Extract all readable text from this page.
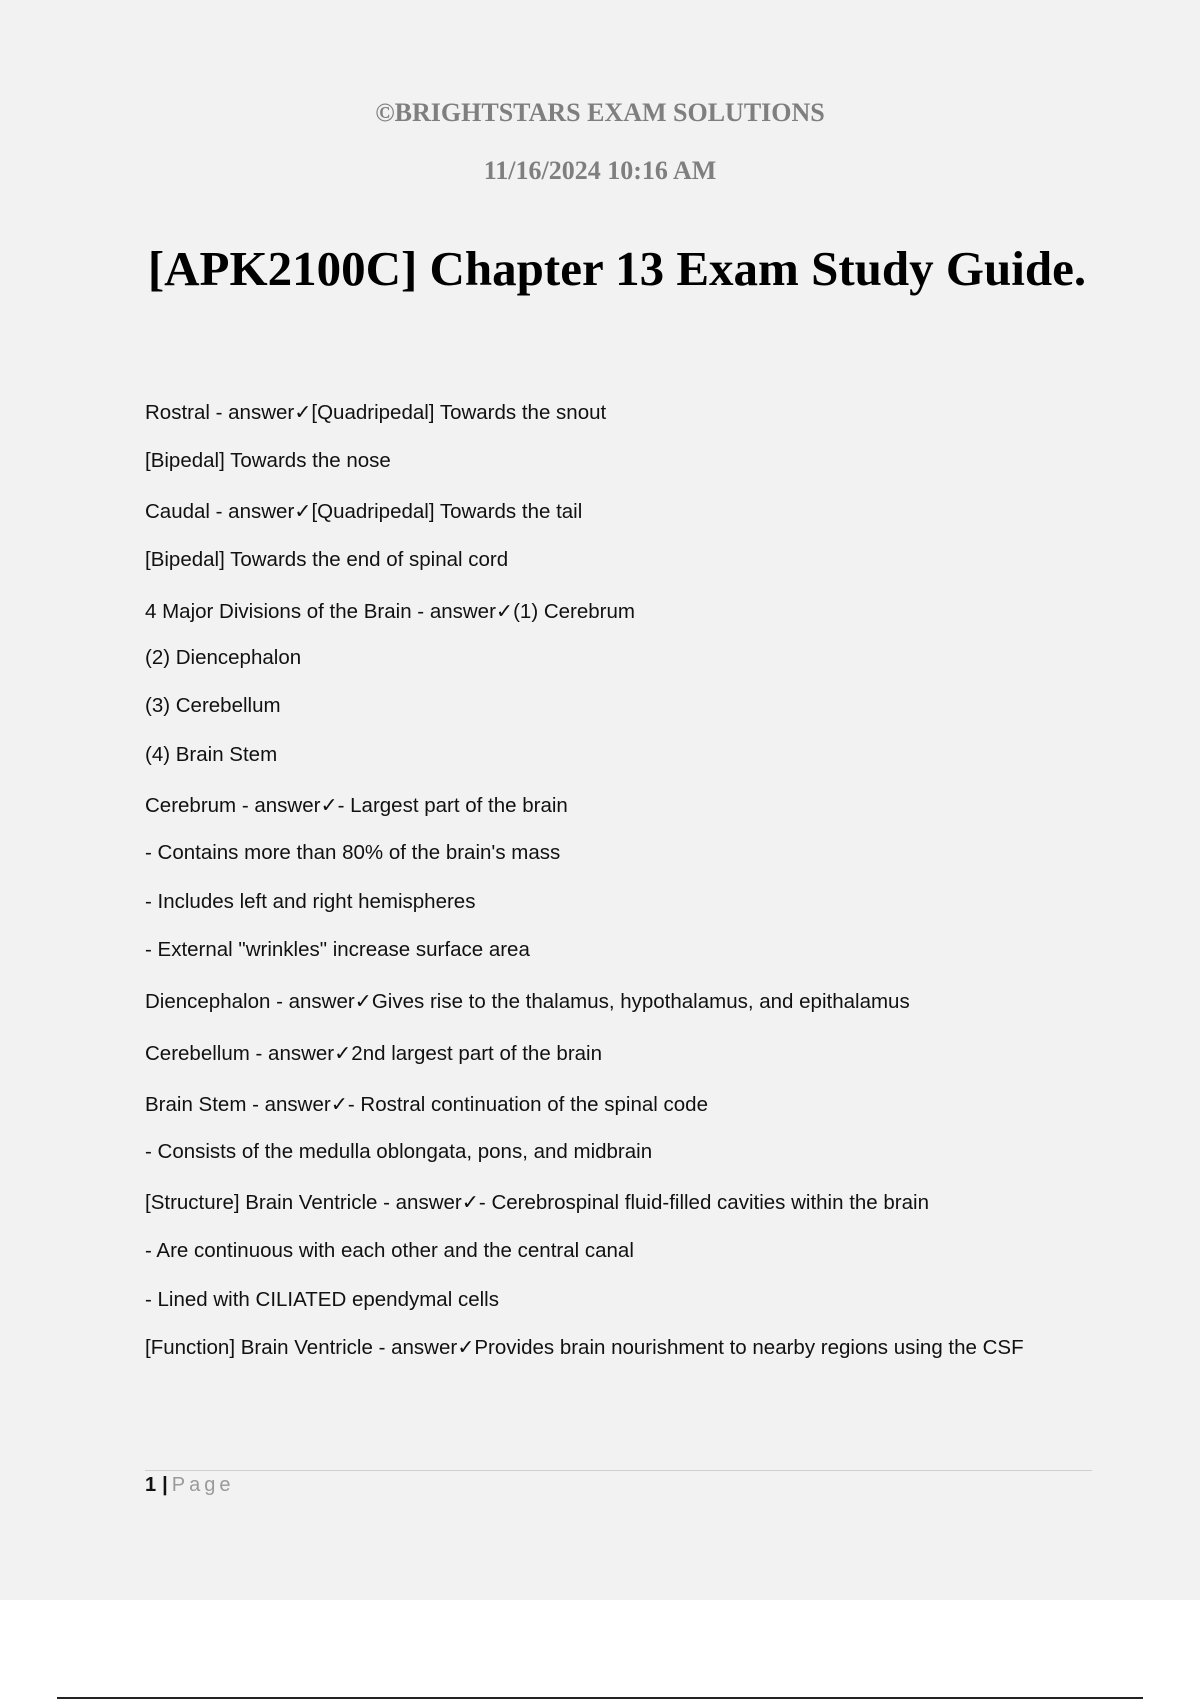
©BRIGHTSTARS EXAM SOLUTIONS
11/16/2024 10:16 AM
[APK2100C] Chapter 13 Exam Study Guide.
Rostral - answer✓[Quadripedal] Towards the snout
[Bipedal] Towards the nose
Caudal - answer✓[Quadripedal] Towards the tail
[Bipedal] Towards the end of spinal cord
4 Major Divisions of the Brain - answer✓(1) Cerebrum
(2) Diencephalon
(3) Cerebellum
(4) Brain Stem
Cerebrum - answer✓- Largest part of the brain
- Contains more than 80% of the brain's mass
- Includes left and right hemispheres
- External "wrinkles" increase surface area
Diencephalon - answer✓Gives rise to the thalamus, hypothalamus, and epithalamus
Cerebellum - answer✓2nd largest part of the brain
Brain Stem - answer✓- Rostral continuation of the spinal code
- Consists of the medulla oblongata, pons, and midbrain
[Structure] Brain Ventricle - answer✓- Cerebrospinal fluid-filled cavities within the brain
- Are continuous with each other and the central canal
- Lined with CILIATED ependymal cells
[Function] Brain Ventricle - answer✓Provides brain nourishment to nearby regions using the CSF
1 | Page
